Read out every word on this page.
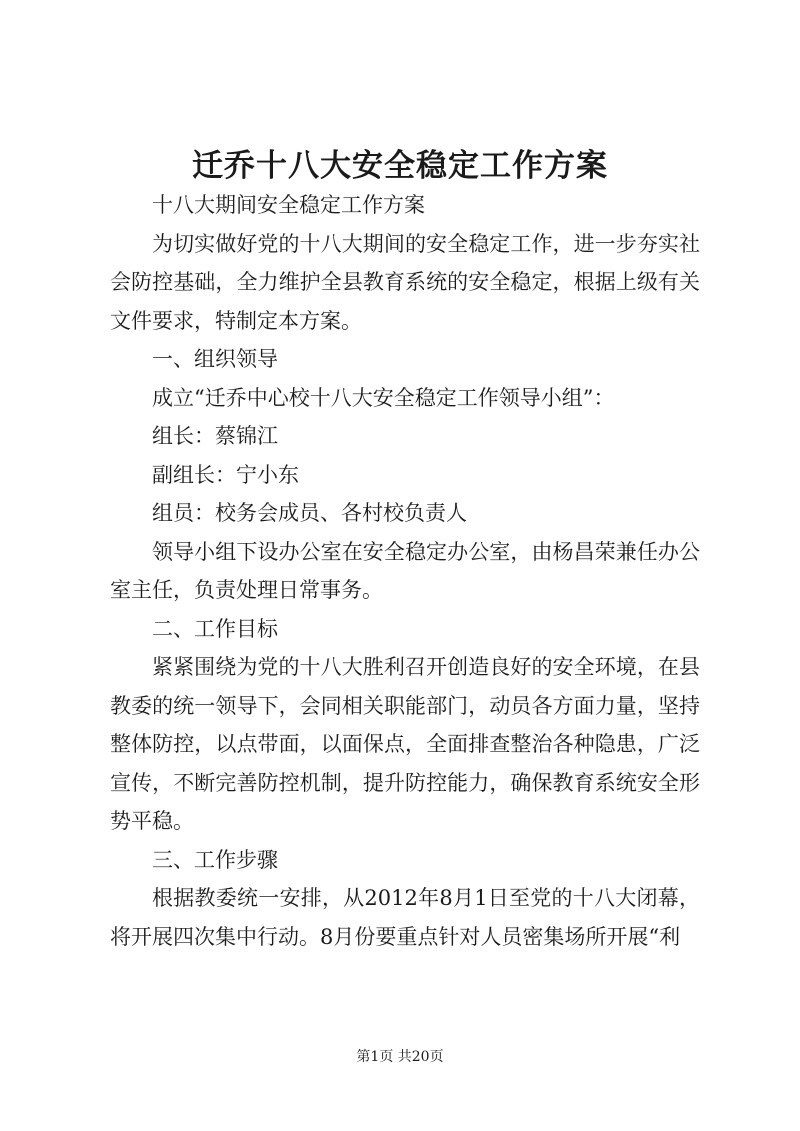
迁乔十八大安全稳定工作方案

十八大期间安全稳定工作方案

为切实做好党的十八大期间的安全稳定工作，进一步夯实社会防控基础，全力维护全县教育系统的安全稳定，根据上级有关文件要求，特制定本方案。

一、组织领导

成立“迁乔中心校十八大安全稳定工作领导小组”：

组长：蔡锦江

副组长：宁小东

组员：校务会成员、各村校负责人

领导小组下设办公室在安全稳定办公室，由杨昌荣兼任办公室主任，负责处理日常事务。

二、工作目标

紧紧围绕为党的十八大胜利召开创造良好的安全环境，在县教委的统一领导下，会同相关职能部门，动员各方面力量，坚持整体防控，以点带面，以面保点，全面排查整治各种隐患，广泛宣传，不断完善防控机制，提升防控能力，确保教育系统安全形势平稳。

三、工作步骤

根据教委统一安排，从2012年8月1日至党的十八大闭幕，将开展四次集中行动。8月份要重点针对人员密集场所开展“利

第1页 共20页
